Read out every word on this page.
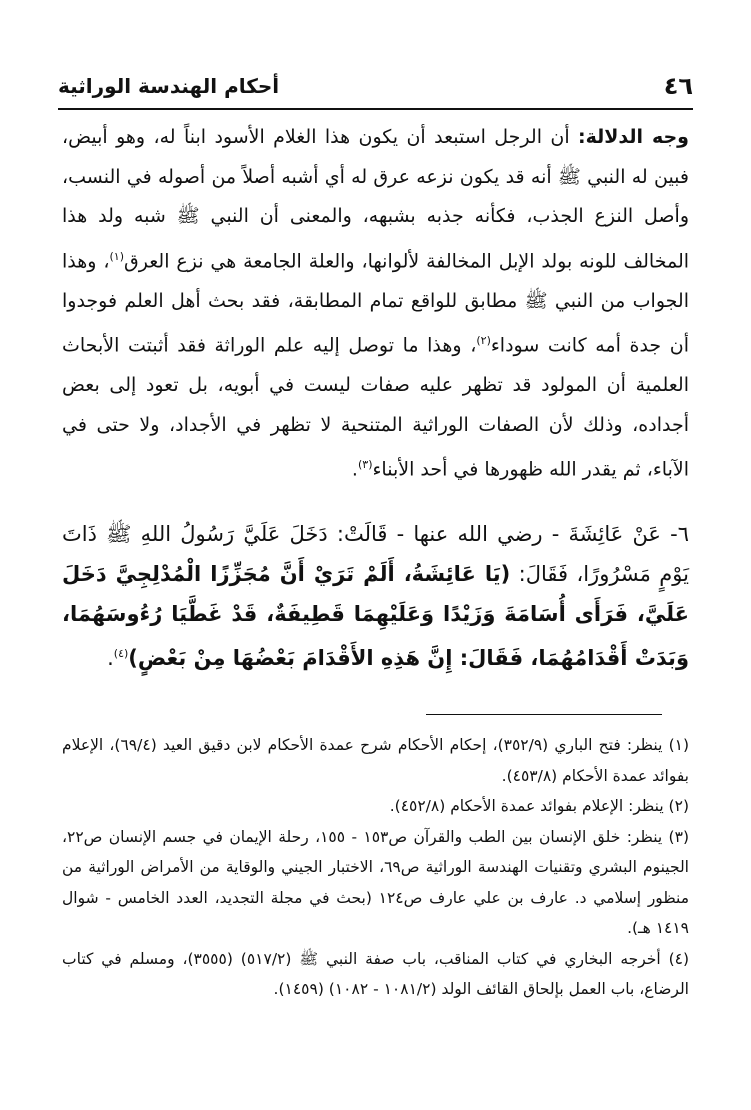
٤٦
أحكام الهندسة الوراثية

وجه الدلالة: أن الرجل استبعد أن يكون هذا الغلام الأسود ابناً له، وهو أبيض، فبين له النبي ﷺ أنه قد يكون نزعه عرق له أي أشبه أصلاً من أصوله في النسب، وأصل النزع الجذب، فكأنه جذبه بشبهه، والمعنى أن النبي ﷺ شبه ولد هذا المخالف للونه بولد الإبل المخالفة لألوانها، والعلة الجامعة هي نزع العرق$^{(١)}$، وهذا الجواب من النبي ﷺ مطابق للواقع تمام المطابقة، فقد بحث أهل العلم فوجدوا أن جدة أمه كانت سوداء$^{(٢)}$، وهذا ما توصل إليه علم الوراثة فقد أثبتت الأبحاث العلمية أن المولود قد تظهر عليه صفات ليست في أبويه، بل تعود إلى بعض أجداده، وذلك لأن الصفات الوراثية المتنحية لا تظهر في الأجداد، ولا حتى في الآباء، ثم يقدر الله ظهورها في أحد الأبناء$^{(٣)}$.

٦- عَنْ عَائِشَةَ - رضي الله عنها - قَالَتْ: دَخَلَ عَلَيَّ رَسُولُ اللهِ ﷺ ذَاتَ يَوْمٍ مَسْرُورًا، فَقَالَ: (يَا عَائِشَةُ، أَلَمْ تَرَيْ أَنَّ مُجَزِّزًا الْمُدْلِجِيَّ دَخَلَ عَلَيَّ، فَرَأَى أُسَامَةَ وَزَيْدًا وَعَلَيْهِمَا قَطِيفَةٌ، قَدْ غَطَّيَا رُءُوسَهُمَا، وَبَدَتْ أَقْدَامُهُمَا، فَقَالَ: إِنَّ هَذِهِ الأَقْدَامَ بَعْضُهَا مِنْ بَعْضٍ)$^{(٤)}$.

(١) ينظر: فتح الباري (٣٥٢/٩)، إحكام الأحكام شرح عمدة الأحكام لابن دقيق العيد (٦٩/٤)، الإعلام بفوائد عمدة الأحكام (٤٥٣/٨).

(٢) ينظر: الإعلام بفوائد عمدة الأحكام (٤٥٢/٨).

(٣) ينظر: خلق الإنسان بين الطب والقرآن ص١٥٣ - ١٥٥، رحلة الإيمان في جسم الإنسان ص٢٢، الجينوم البشري وتقنيات الهندسة الوراثية ص٦٩، الاختبار الجيني والوقاية من الأمراض الوراثية من منظور إسلامي د. عارف بن علي عارف ص١٢٤ (بحث في مجلة التجديد، العدد الخامس - شوال ١٤١٩ هـ).

(٤) أخرجه البخاري في كتاب المناقب، باب صفة النبي ﷺ (٥١٧/٢) (٣٥٥٥)، ومسلم في كتاب الرضاع، باب العمل بإلحاق القائف الولد (١٠٨١/٢ - ١٠٨٢) (١٤٥٩).
